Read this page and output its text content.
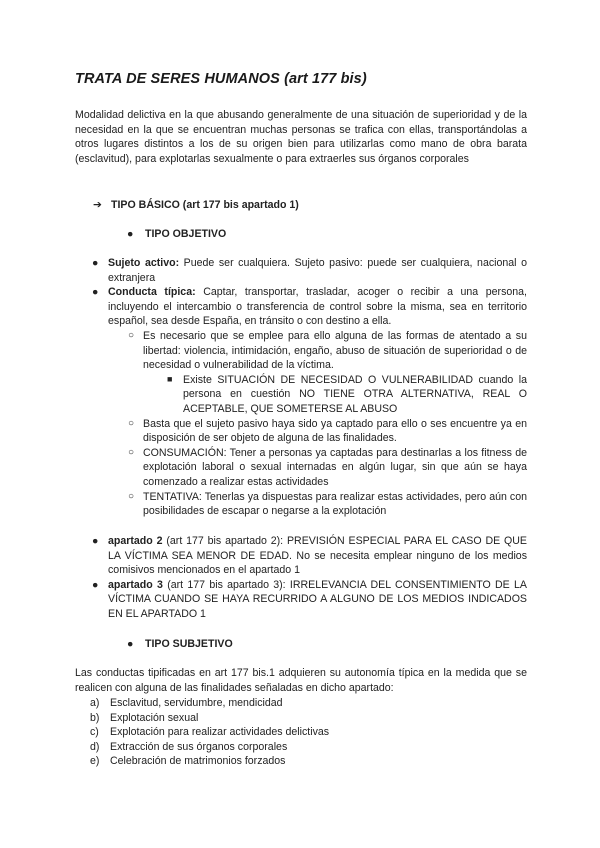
TRATA DE SERES HUMANOS (art 177 bis)
Modalidad delictiva en la que abusando generalmente de una situación de superioridad y de la necesidad en la que se encuentran muchas personas se trafica con ellas, transportándolas a otros lugares distintos a los de su origen bien para utilizarlas como mano de obra barata (esclavitud), para explotarlas sexualmente o para extraerles sus órganos corporales
➔ TIPO BÁSICO (art 177 bis apartado 1)
● TIPO OBJETIVO
● Sujeto activo: Puede ser cualquiera. Sujeto pasivo: puede ser cualquiera, nacional o extranjera
● Conducta típica: Captar, transportar, trasladar, acoger o recibir a una persona, incluyendo el intercambio o transferencia de control sobre la misma, sea en territorio español, sea desde España, en tránsito o con destino a ella.
○ Es necesario que se emplee para ello alguna de las formas de atentado a su libertad: violencia, intimidación, engaño, abuso de situación de superioridad o de necesidad o vulnerabilidad de la víctima.
■ Existe SITUACIÓN DE NECESIDAD O VULNERABILIDAD cuando la persona en cuestión NO TIENE OTRA ALTERNATIVA, REAL O ACEPTABLE, QUE SOMETERSE AL ABUSO
○ Basta que el sujeto pasivo haya sido ya captado para ello o ses encuentre ya en disposición de ser objeto de alguna de las finalidades.
○ CONSUMACIÓN: Tener a personas ya captadas para destinarlas a los fitness de explotación laboral o sexual internadas en algún lugar, sin que aún se haya comenzado a realizar estas actividades
○ TENTATIVA: Tenerlas ya dispuestas para realizar estas actividades, pero aún con posibilidades de escapar o negarse a la explotación
● apartado 2 (art 177 bis apartado 2): PREVISIÓN ESPECIAL PARA EL CASO DE QUE LA VÍCTIMA SEA MENOR DE EDAD. No se necesita emplear ninguno de los medios comisivos mencionados en el apartado 1
● apartado 3 (art 177 bis apartado 3): IRRELEVANCIA DEL CONSENTIMIENTO DE LA VÍCTIMA CUANDO SE HAYA RECURRIDO A ALGUNO DE LOS MEDIOS INDICADOS EN EL APARTADO 1
● TIPO SUBJETIVO
Las conductas tipificadas en art 177 bis.1 adquieren su autonomía típica en la medida que se realicen con alguna de las finalidades señaladas en dicho apartado:
a) Esclavitud, servidumbre, mendicidad
b) Explotación sexual
c) Explotación para realizar actividades delictivas
d) Extracción de sus órganos corporales
e) Celebración de matrimonios forzados
